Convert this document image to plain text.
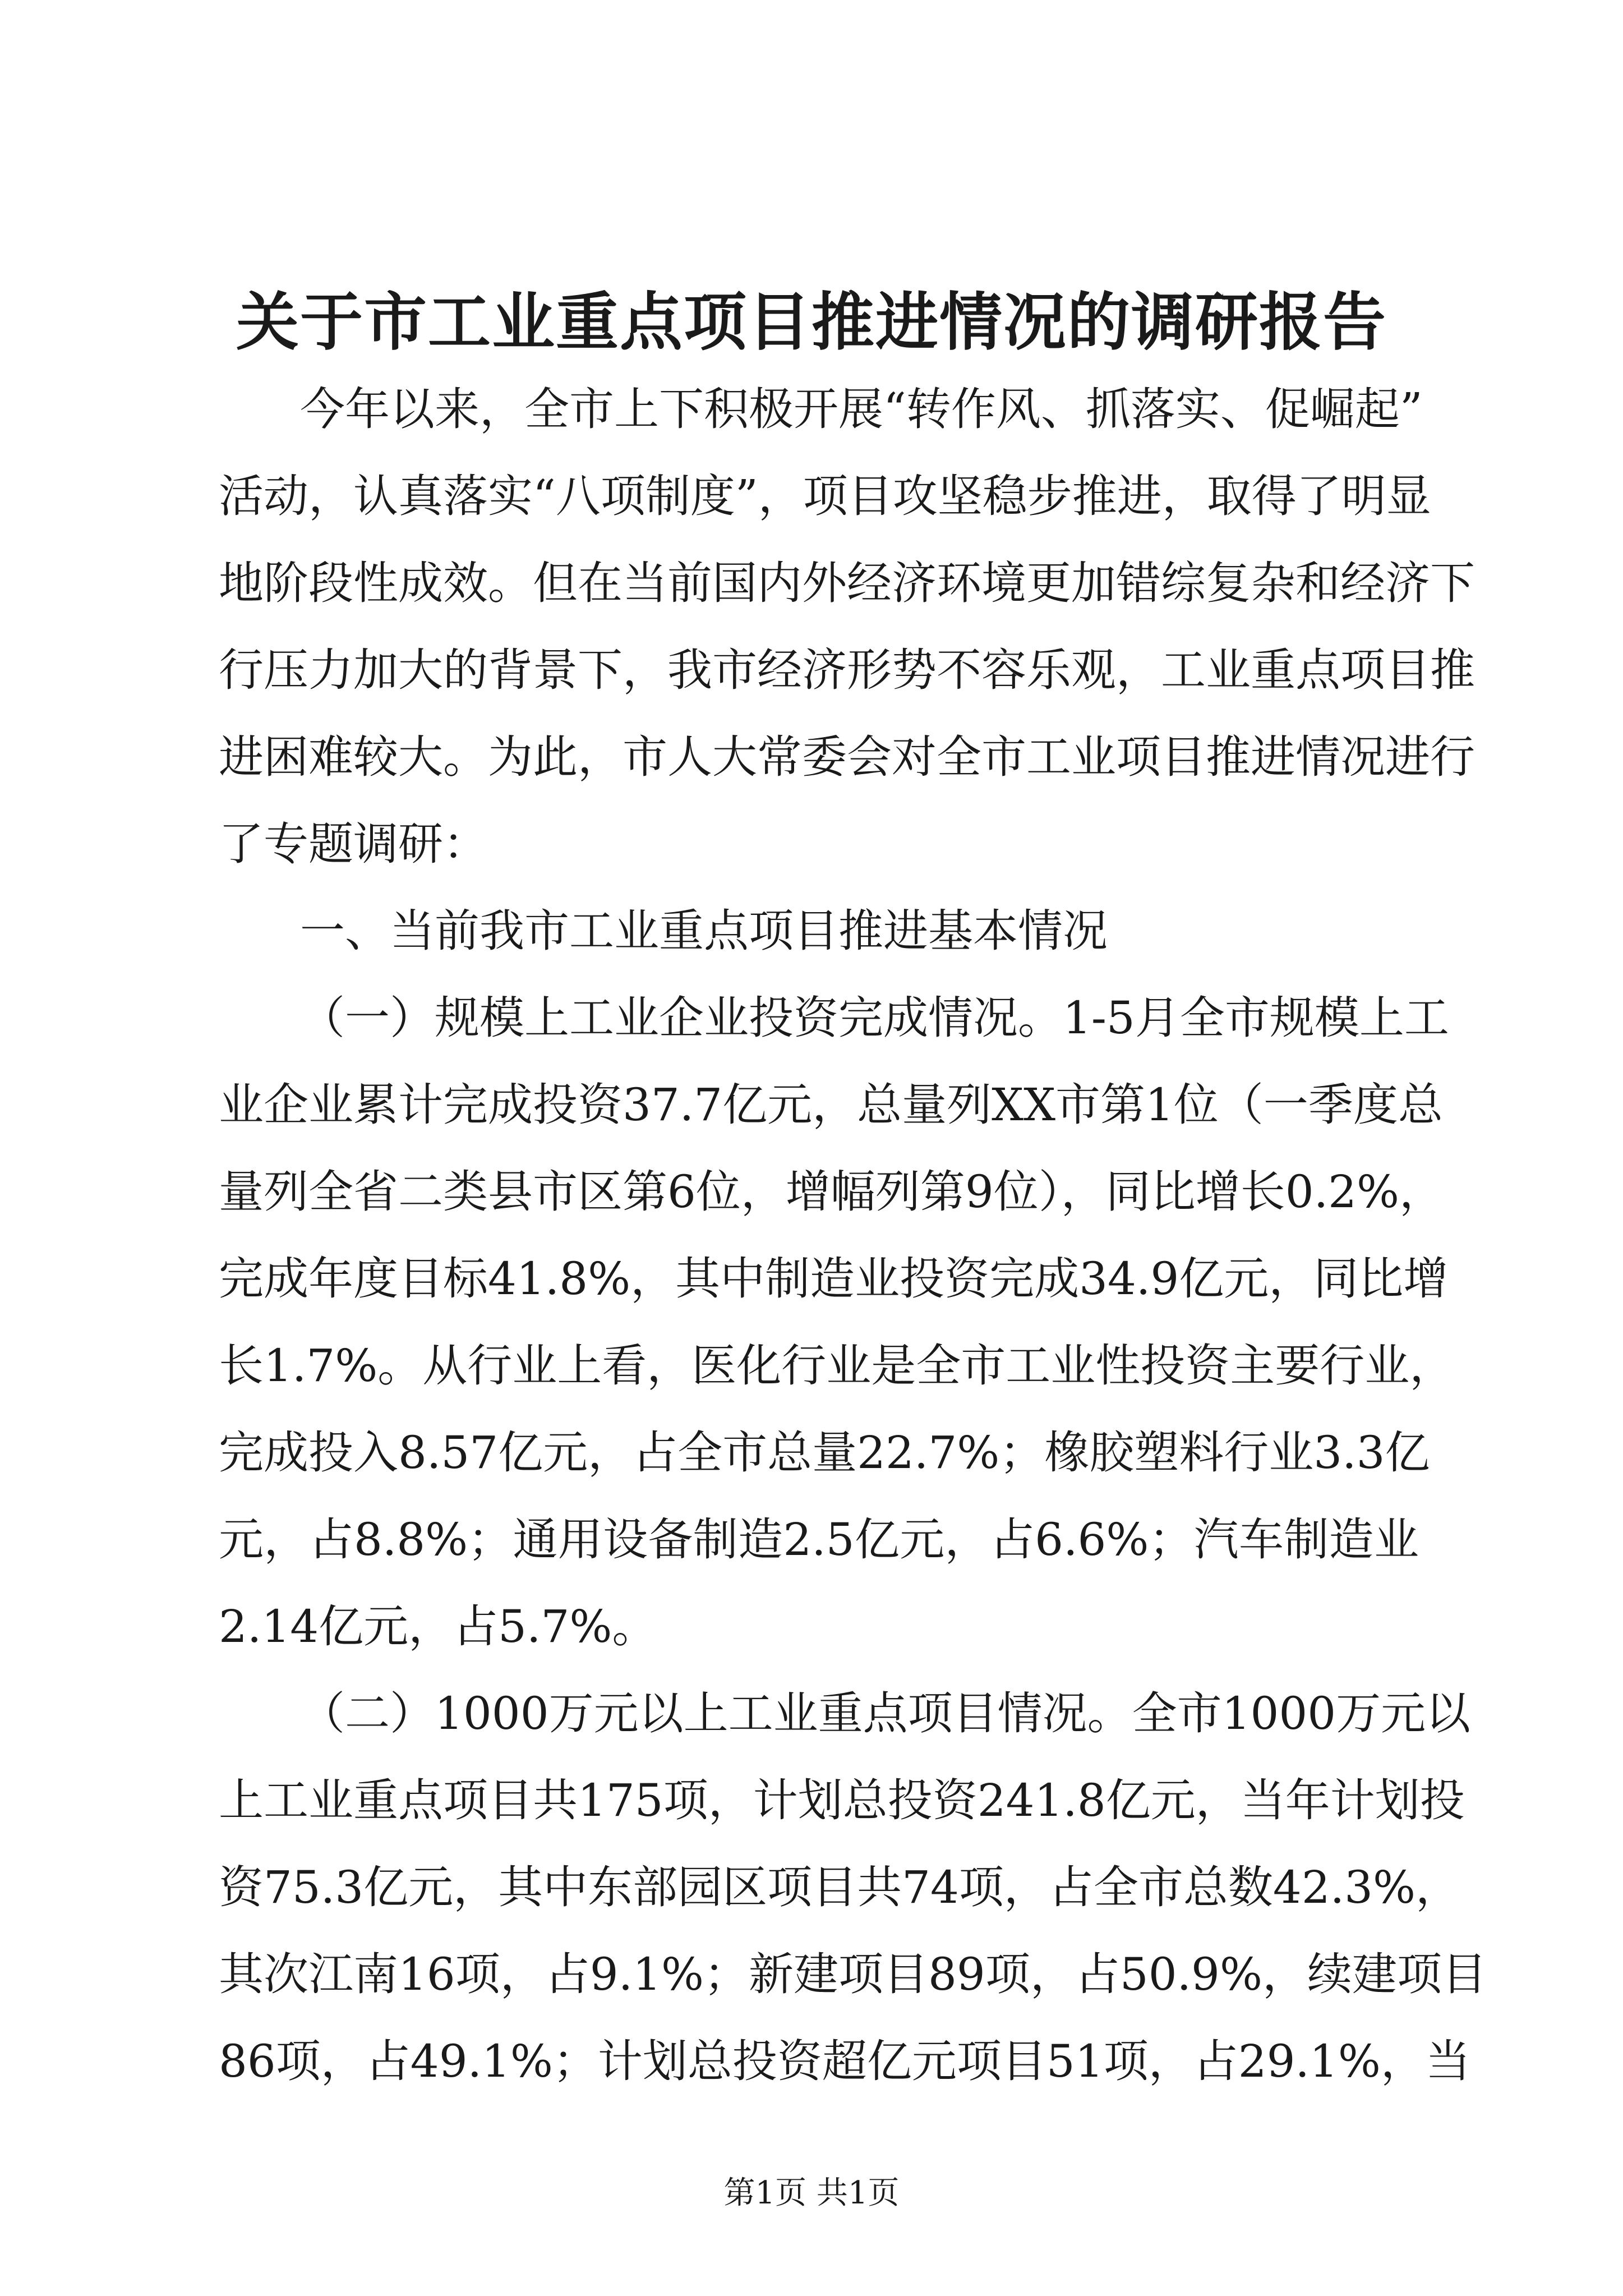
关于市工业重点项目推进情况的调研报告
今年以来，全市上下积极开展“转作风、抓落实、促崛起”
活动，认真落实“八项制度”，项目攻坚稳步推进，取得了明显
地阶段性成效。但在当前国内外经济环境更加错综复杂和经济下
行压力加大的背景下，我市经济形势不容乐观，工业重点项目推
进困难较大。为此，市人大常委会对全市工业项目推进情况进行
了专题调研：
一、当前我市工业重点项目推进基本情况
（一）规模上工业企业投资完成情况。1-5月全市规模上工
业企业累计完成投资37.7亿元，总量列XX市第1位（一季度总
量列全省二类县市区第6位，增幅列第9位），同比增长0.2%，
完成年度目标41.8%，其中制造业投资完成34.9亿元，同比增
长1.7%。从行业上看，医化行业是全市工业性投资主要行业，
完成投入8.57亿元，占全市总量22.7%；橡胶塑料行业3.3亿
元，占8.8%；通用设备制造2.5亿元，占6.6%；汽车制造业
2.14亿元，占5.7%。
（二）1000万元以上工业重点项目情况。全市1000万元以
上工业重点项目共175项，计划总投资241.8亿元，当年计划投
资75.3亿元，其中东部园区项目共74项，占全市总数42.3%，
其次江南16项，占9.1%；新建项目89项，占50.9%，续建项目
86项，占49.1%；计划总投资超亿元项目51项，占29.1%，当
第1页 共1页
